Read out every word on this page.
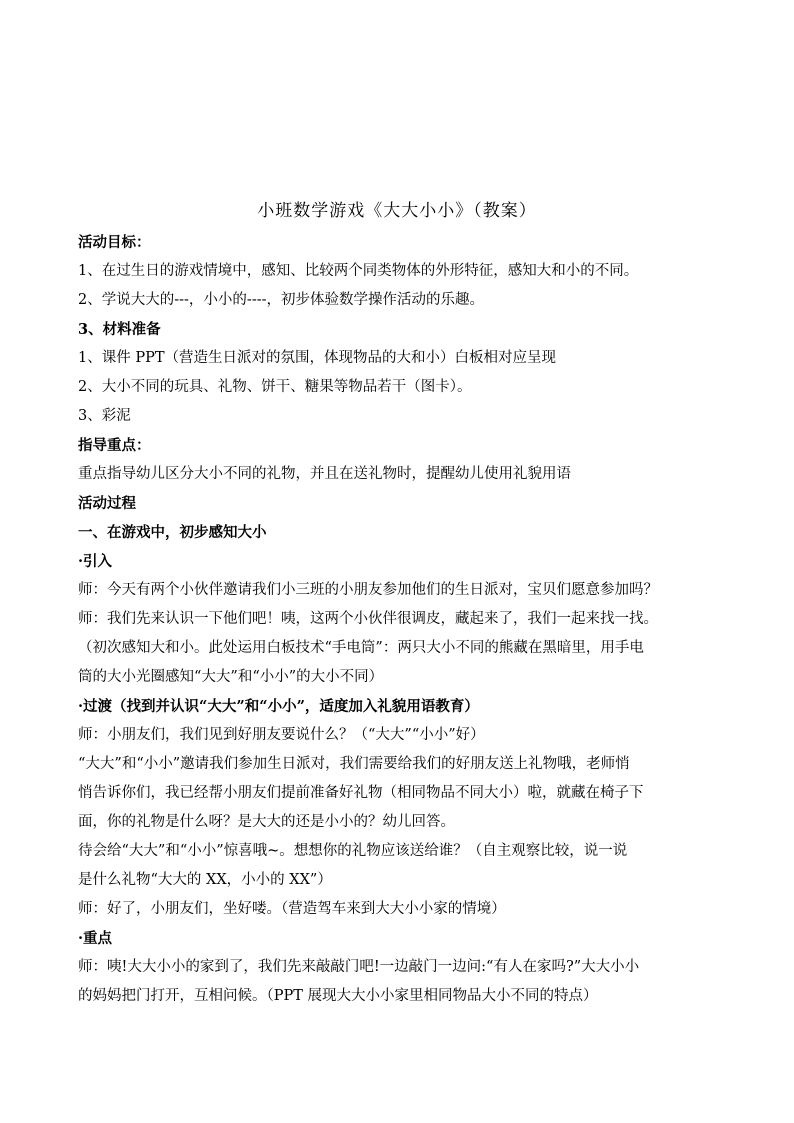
小班数学游戏《大大小小》（教案）
活动目标：
1、在过生日的游戏情境中，感知、比较两个同类物体的外形特征，感知大和小的不同。
2、学说大大的---，小小的----，初步体验数学操作活动的乐趣。
3、材料准备
1、课件 PPT（营造生日派对的氛围，体现物品的大和小）白板相对应呈现
2、大小不同的玩具、礼物、饼干、糖果等物品若干（图卡）。
3、彩泥
指导重点：
重点指导幼儿区分大小不同的礼物，并且在送礼物时，提醒幼儿使用礼貌用语
活动过程
一、在游戏中，初步感知大小
·引入
师：今天有两个小伙伴邀请我们小三班的小朋友参加他们的生日派对，宝贝们愿意参加吗？
师：我们先来认识一下他们吧！咦，这两个小伙伴很调皮，藏起来了，我们一起来找一找。
（初次感知大和小。此处运用白板技术“手电筒”：两只大小不同的熊藏在黑暗里，用手电
筒的大小光圈感知“大大”和“小小”的大小不同）
·过渡（找到并认识“大大”和“小小”，适度加入礼貌用语教育）
师：小朋友们，我们见到好朋友要说什么？（“大大”“小小”好）
“大大”和“小小”邀请我们参加生日派对，我们需要给我们的好朋友送上礼物哦，老师悄
悄告诉你们，我已经帮小朋友们提前准备好礼物（相同物品不同大小）啦，就藏在椅子下
面，你的礼物是什么呀？是大大的还是小小的？幼儿回答。
待会给“大大”和“小小”惊喜哦~。想想你的礼物应该送给谁？（自主观察比较，说一说
是什么礼物“大大的 XX，小小的 XX”）
师：好了，小朋友们，坐好喽。（营造驾车来到大大小小家的情境）
·重点
师：咦!大大小小的家到了，我们先来敲敲门吧!一边敲门一边问:“有人在家吗?”大大小小
的妈妈把门打开，互相问候。（PPT 展现大大小小家里相同物品大小不同的特点）
